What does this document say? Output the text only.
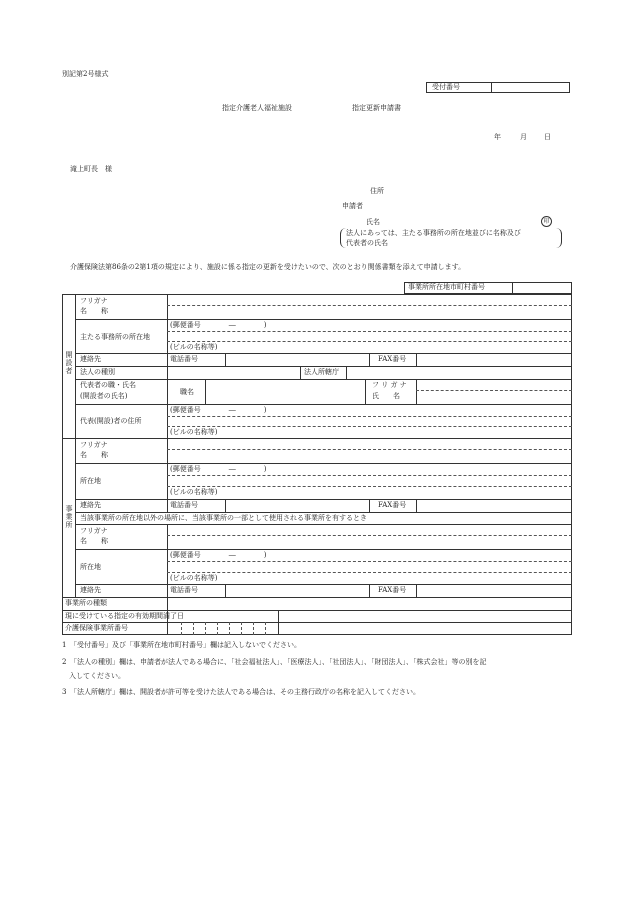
別記第2号様式
受付番号
指定介護老人福祉施設	指定更新申請書
年	月 日
滝上町長　様
住所
申請者
氏名	印
法人にあっては、主たる事務所の所在地並びに名称及び
代表者の氏名
介護保険法第86条の2第1項の規定により、施設に係る指定の更新を受けたいので、次のとおり関係書類を添えて申請します。
事業所所在地市町村番号
開設者
フリガナ
名　　称
主たる事務所の所在地
(郵便番号　　　　―　　　　)
(ビルの名称等)
連絡先	電話番号	FAX番号
法人の種別	法人所轄庁
代表者の職・氏名
(開設者の氏名)	職名
フ リ ガ ナ
氏　　名
代表(開設)者の住所
(郵便番号　　　　―　　　　)
(ビルの名称等)
事業所
フリガナ
名　　称
所在地
(郵便番号　　　　―　　　　)
(ビルの名称等)
連絡先	電話番号	FAX番号
当該事業所の所在地以外の場所に、当該事業所の一部として使用される事業所を有するとき
フリガナ
名　　称
所在地
(郵便番号　　　　―　　　　)
(ビルの名称等)
連絡先	電話番号	FAX番号
事業所の種類
現に受けている指定の有効期間満了日
介護保険事業所番号
1　「受付番号」及び「事業所在地市町村番号」欄は記入しないでください。
2　「法人の種別」欄は、申請者が法人である場合に、「社会福祉法人」、「医療法人」、「社団法人」、「財団法人」、「株式会社」等の別を記
　入してください。
3　「法人所轄庁」欄は、開設者が許可等を受けた法人である場合は、その主務行政庁の名称を記入してください。
